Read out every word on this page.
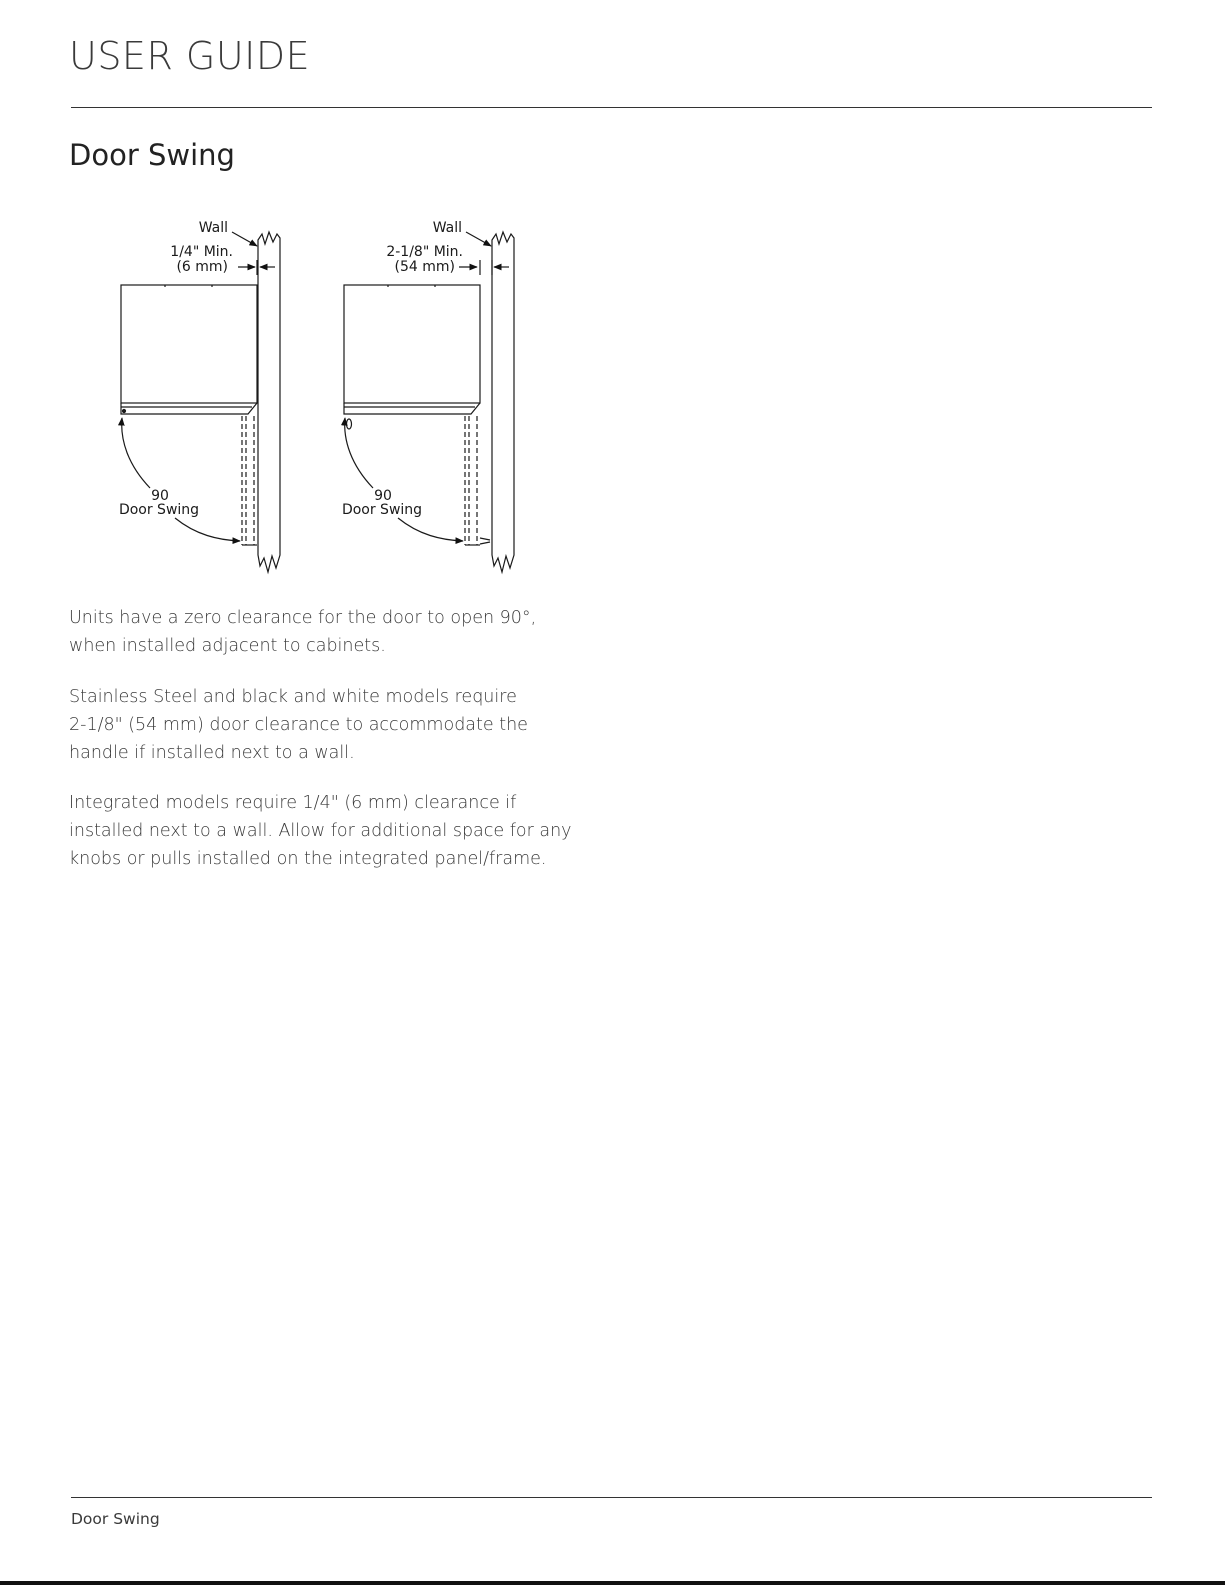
USER GUIDE
Door Swing
Wall
1/4" Min.
(6 mm)
90
Door Swing
Wall
2-1/8" Min.
(54 mm)
90
Door Swing
Units have a zero clearance for the door to open 90°,
when installed adjacent to cabinets.
Stainless Steel and black and white models require
2-1/8" (54 mm) door clearance to accommodate the
handle if installed next to a wall.
Integrated models require 1/4" (6 mm) clearance if
installed next to a wall. Allow for additional space for any
knobs or pulls installed on the integrated panel/frame.
Door Swing
